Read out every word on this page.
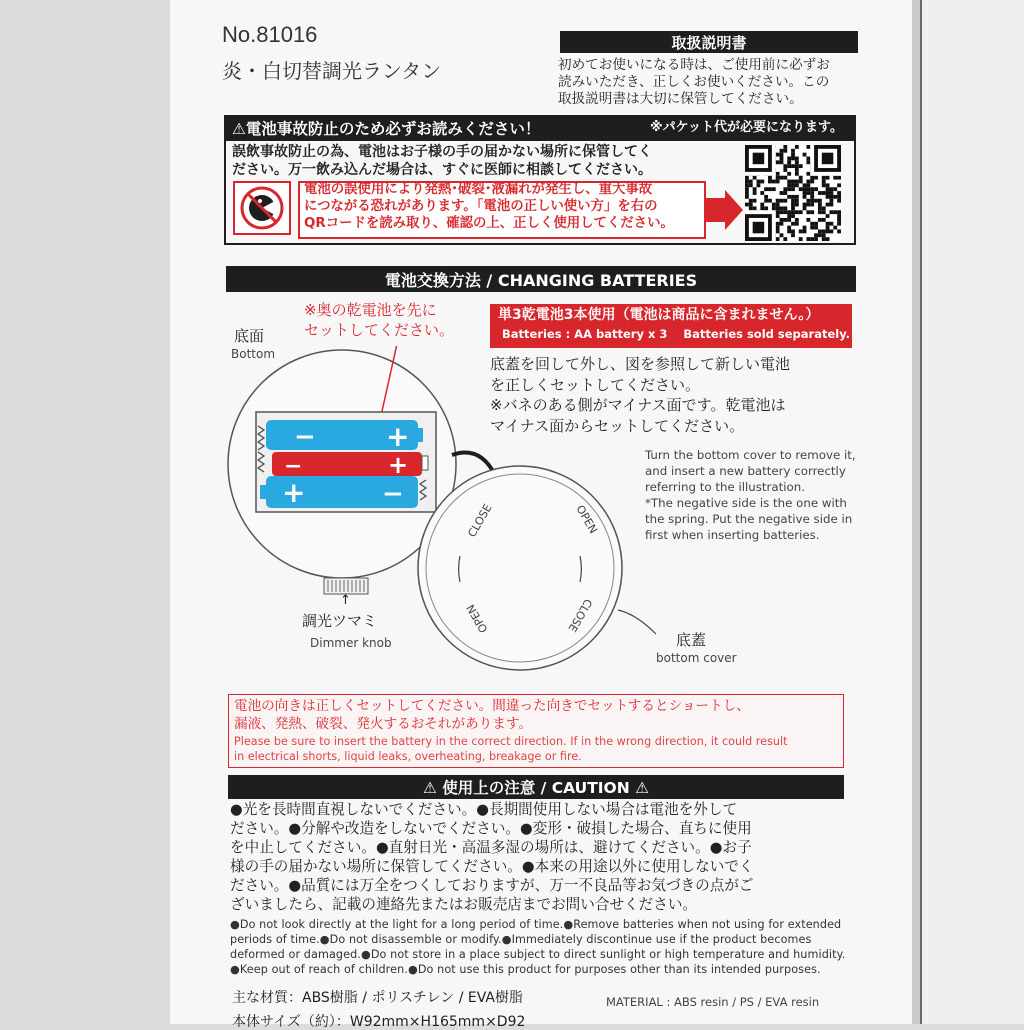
No.81016
炎・白切替調光ランタン
取扱説明書
初めてお使いになる時は、ご使用前に必ずお
読みいただき、正しくお使いください。この
取扱説明書は大切に保管してください。
⚠電池事故防止のため必ずお読みください！	※パケット代が必要になります。
誤飲事故防止の為、電池はお子様の手の届かない場所に保管してく
ださい。万一飲み込んだ場合は、すぐに医師に相談してください。
電池の誤使用により発熱･破裂･液漏れが発生し、重大事故
につながる恐れがあります。「電池の正しい使い方」を右の
QRコードを読み取り、確認の上、正しく使用してください。
電池交換方法 / CHANGING BATTERIES
※奥の乾電池を先に
セットしてください。
単3乾電池3本使用（電池は商品に含まれません。）
Batteries : AA battery x 3    Batteries sold separately.
底蓋を回して外し、図を参照して新しい電池
を正しくセットしてください。
※バネのある側がマイナス面です。乾電池は
マイナス面からセットしてください。
Turn the bottom cover to remove it,
and insert a new battery correctly
referring to the illustration.
*The negative side is the one with
the spring. Put the negative side in
first when inserting batteries.
底面
Bottom
−	+
−	+
+	−
↑
調光ツマミ
Dimmer knob
CLOSE	OPEN
OPEN	CLOSE
底蓋
bottom cover
電池の向きは正しくセットしてください。間違った向きでセットするとショートし、
漏液、発熱、破裂、発火するおそれがあります。
Please be sure to insert the battery in the correct direction. If in the wrong direction, it could result
in electrical shorts, liquid leaks, overheating, breakage or fire.
⚠ 使用上の注意 / CAUTION ⚠
●光を長時間直視しないでください。●長期間使用しない場合は電池を外して
ださい。●分解や改造をしないでください。●変形・破損した場合、直ちに使用
を中止してください。●直射日光・高温多湿の場所は、避けてください。●お子
様の手の届かない場所に保管してください。●本来の用途以外に使用しないでく
ださい。●品質には万全をつくしておりますが、万一不良品等お気づきの点がご
ざいましたら、記載の連絡先またはお販売店までお問い合せください。
●Do not look directly at the light for a long period of time.●Remove batteries when not using for extended
periods of time.●Do not disassemble or modify.●Immediately discontinue use if the product becomes
deformed or damaged.●Do not store in a place subject to direct sunlight or high temperature and humidity.
●Keep out of reach of children.●Do not use this product for purposes other than its intended purposes.
主な材質：ABS樹脂 / ポリスチレン / EVA樹脂	MATERIAL : ABS resin / PS / EVA resin
本体サイズ（約）：W92mm×H165mm×D92
